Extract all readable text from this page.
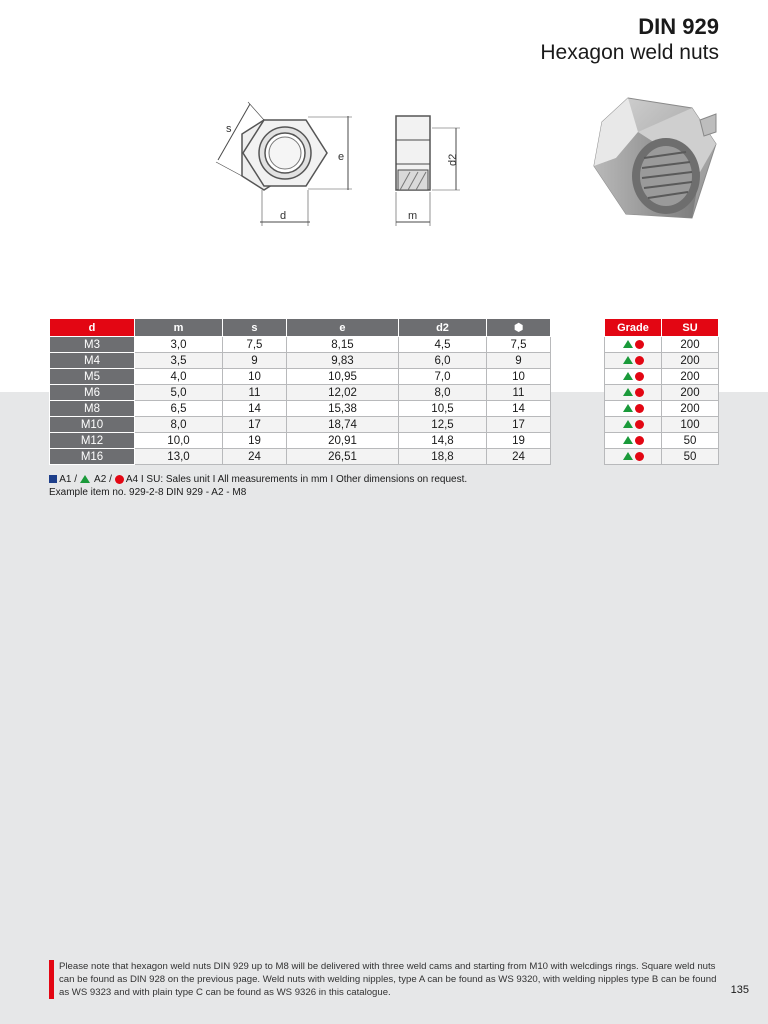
DIN 929
Hexagon weld nuts
s
e
d
d2
m
d	m	s	e	d2	⬢
M3	3,0	7,5	8,15	4,5	7,5
M4	3,5	9	9,83	6,0	9
M5	4,0	10	10,95	7,0	10
M6	5,0	11	12,02	8,0	11
M8	6,5	14	15,38	10,5	14
M10	8,0	17	18,74	12,5	17
M12	10,0	19	20,91	14,8	19
M16	13,0	24	26,51	18,8	24
Grade	SU
	200
	200
	200
	200
	200
	100
	50
	50
A1 / A2 / A4 I SU: Sales unit I All measurements in mm I Other dimensions on request.
Example item no. 929-2-8 DIN 929 - A2 - M8
Please note that hexagon weld nuts DIN 929 up to M8 will be delivered with three weld cams and starting from M10 with welcdings rings. Square weld nuts can be found as DIN 928 on the previous page. Weld nuts with welding nipples, type A can be found as WS 9320, with welding nipples type B can be found as WS 9323 and with plain type C can be found as WS 9326 in this catalogue.	135
